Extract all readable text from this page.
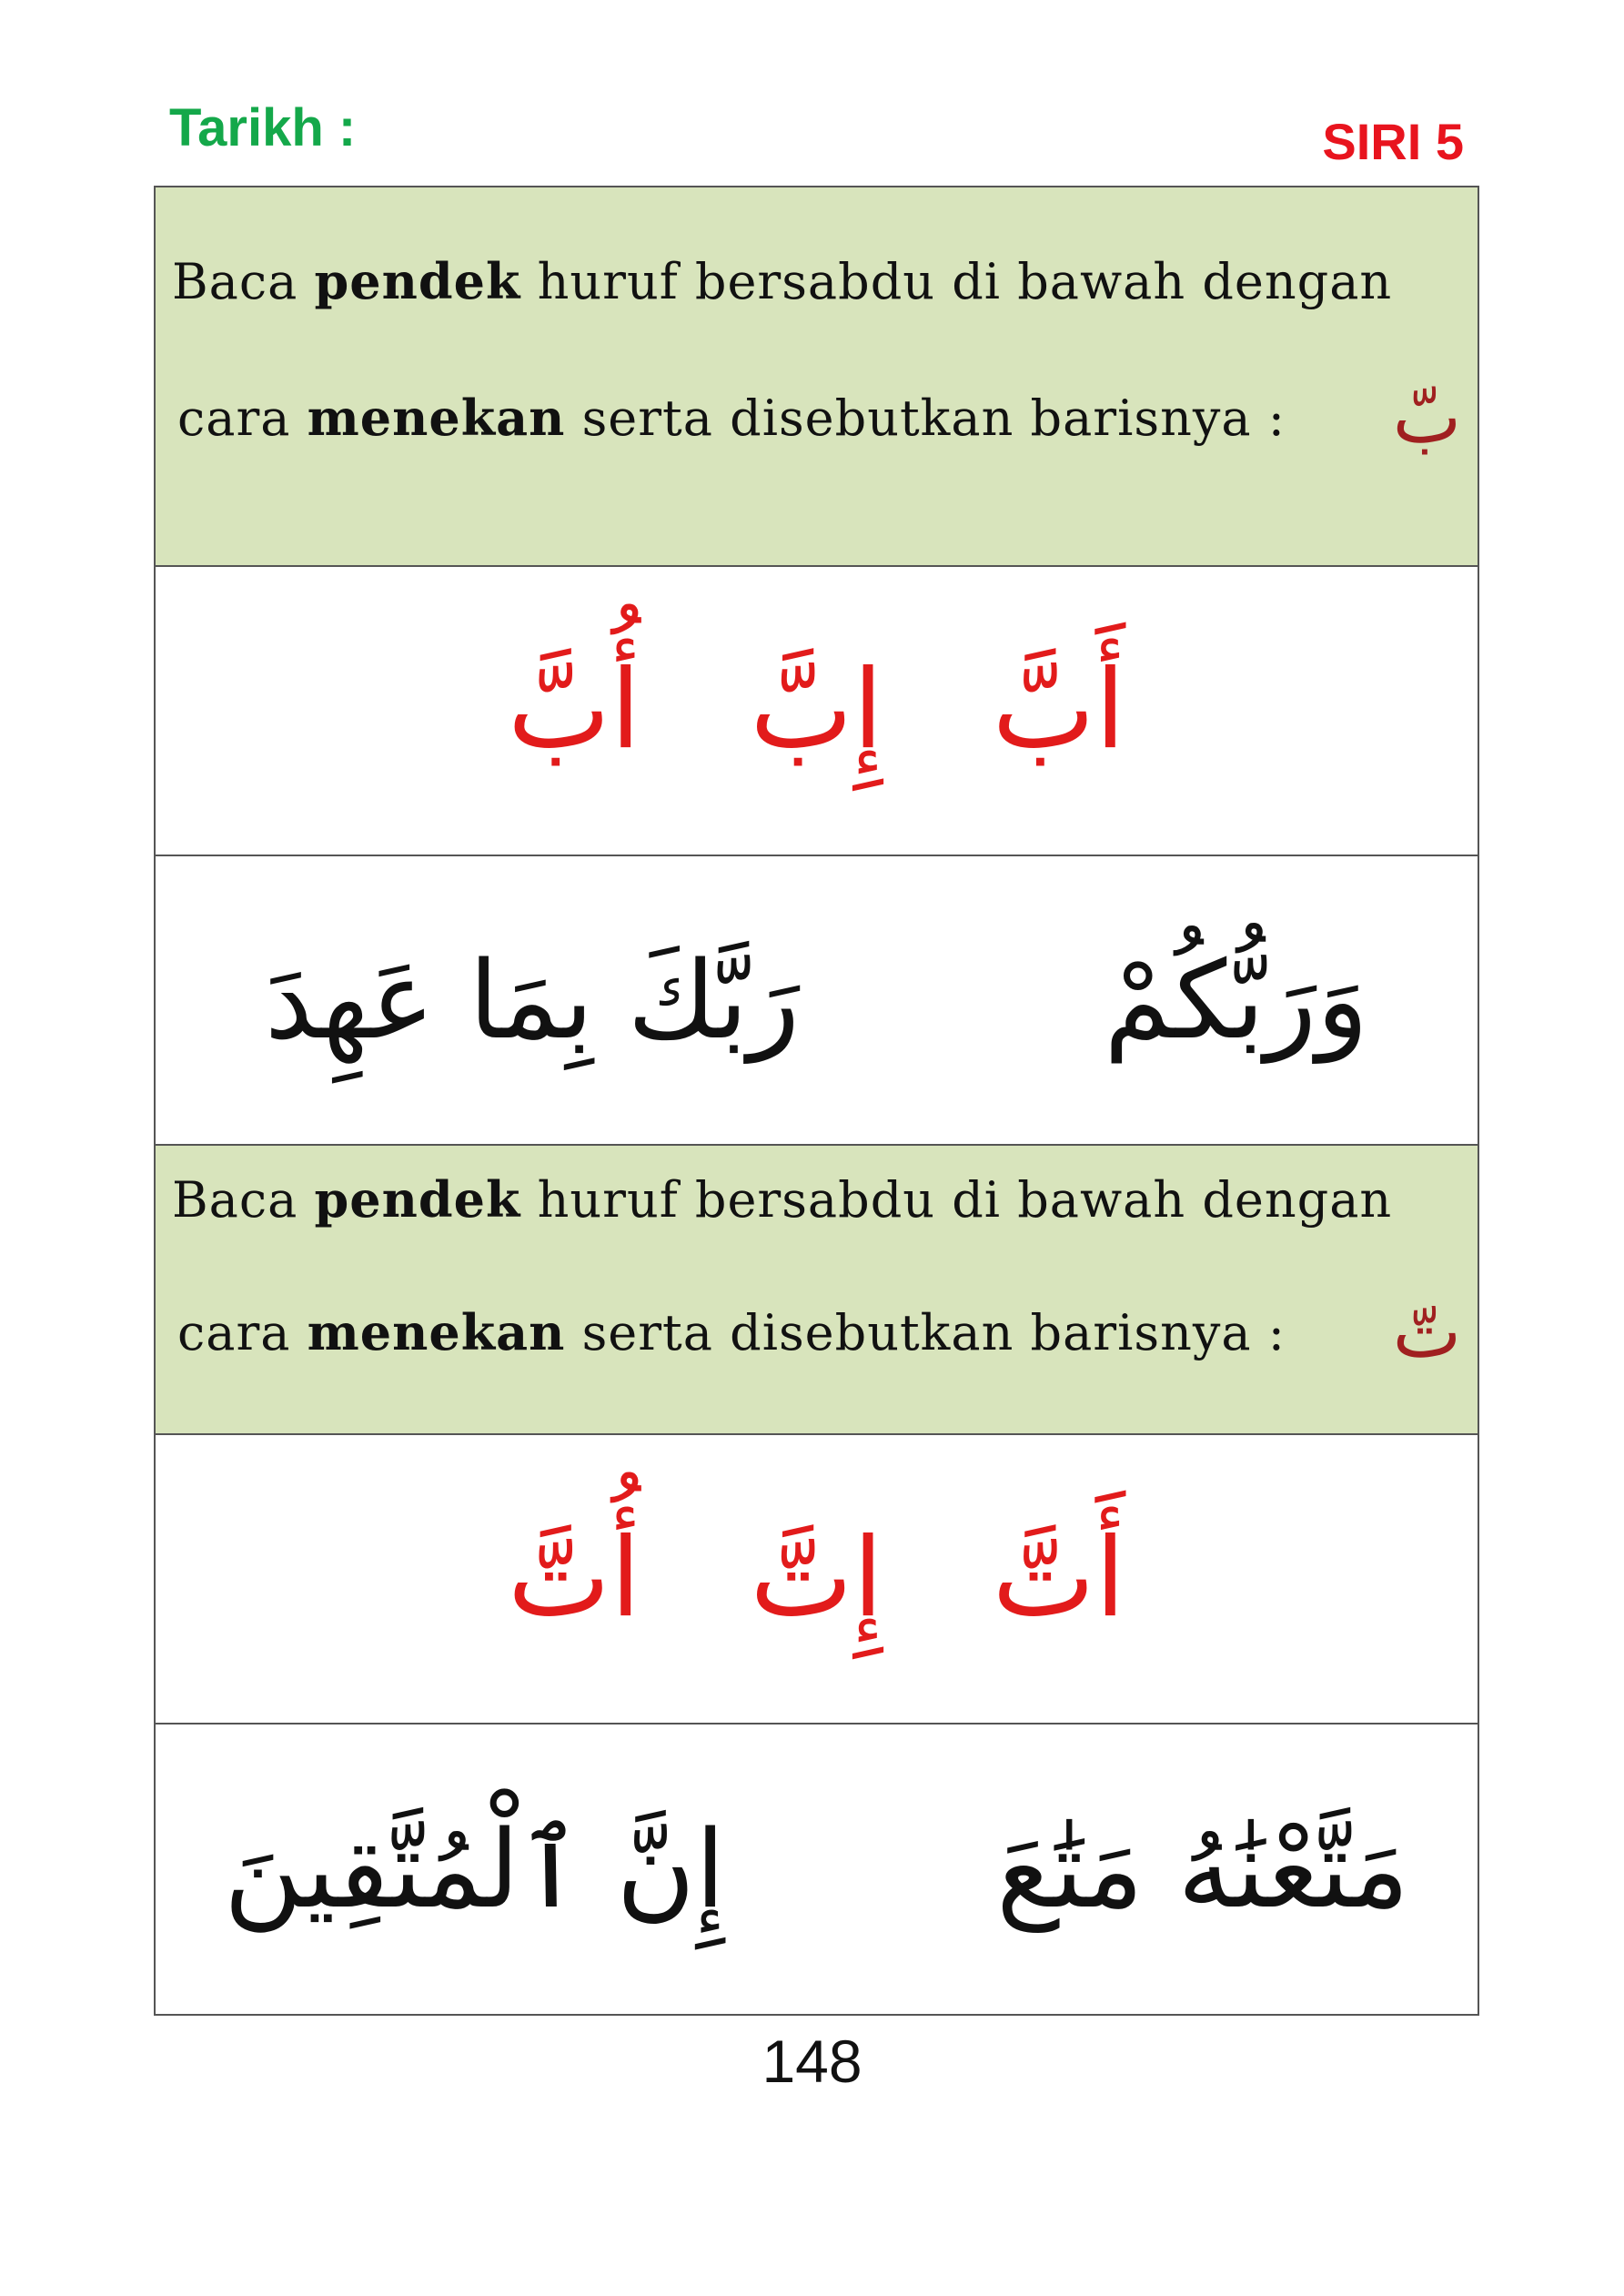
Tarikh :	SIRI 5
Baca pendek huruf bersabdu di bawah dengan
cara menekan serta disebutkan barisnya : بّ
أَبَّ
إِبَّ
أُبَّ
وَرَبُّكُمْ
رَبَّكَ بِمَا عَهِدَ
Baca pendek huruf bersabdu di bawah dengan
cara menekan serta disebutkan barisnya : تّ
أَتَّ
إِتَّ
أُتَّ
مَتَّعْنَٰهُ مَتَٰعَ
إِنَّ ٱلْمُتَّقِينَ
148
